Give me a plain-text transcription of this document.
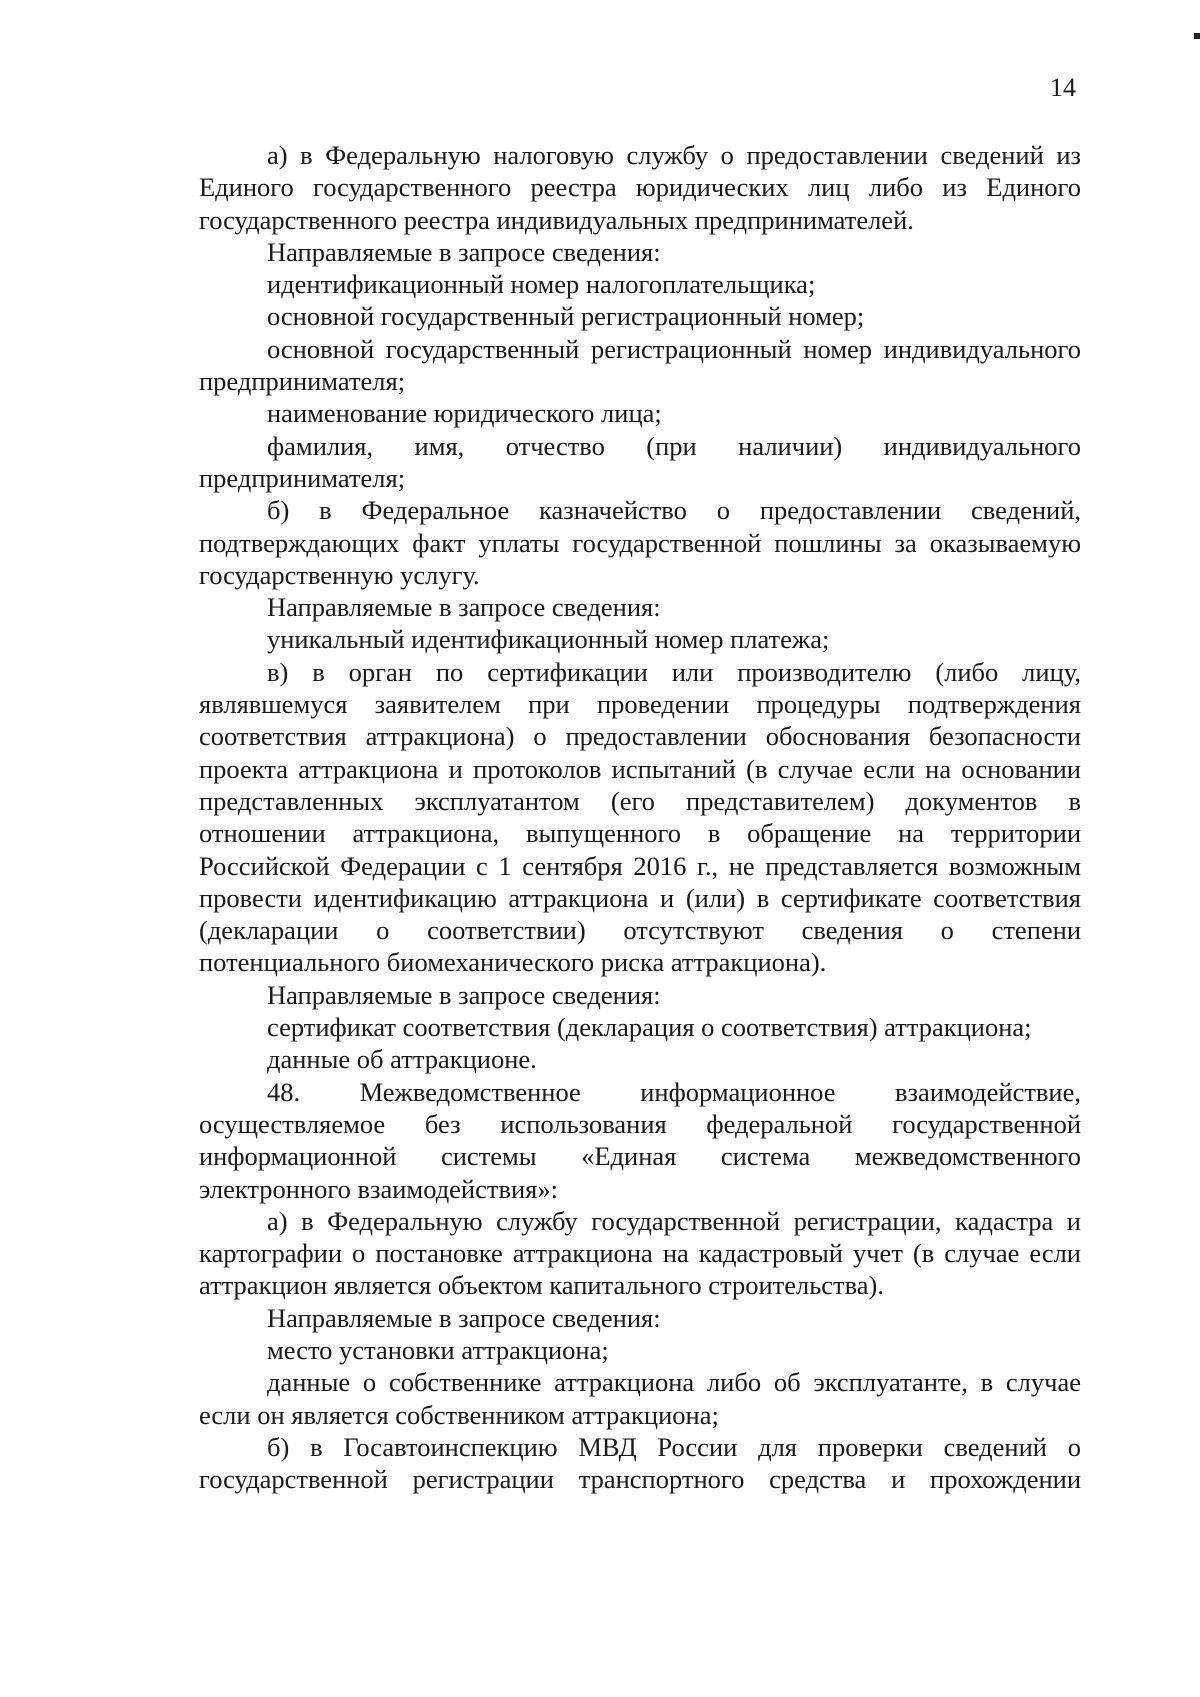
14

а) в Федеральную налоговую службу о предоставлении сведений из Единого государственного реестра юридических лиц либо из Единого государственного реестра индивидуальных предпринимателей.

Направляемые в запросе сведения:

идентификационный номер налогоплательщика;

основной государственный регистрационный номер;

основной государственный регистрационный номер индивидуального предпринимателя;

наименование юридического лица;

фамилия, имя, отчество (при наличии) индивидуального предпринимателя;

б) в Федеральное казначейство о предоставлении сведений, подтверждающих факт уплаты государственной пошлины за оказываемую государственную услугу.

Направляемые в запросе сведения:

уникальный идентификационный номер платежа;

в) в орган по сертификации или производителю (либо лицу, являвшемуся заявителем при проведении процедуры подтверждения соответствия аттракциона) о предоставлении обоснования безопасности проекта аттракциона и протоколов испытаний (в случае если на основании представленных эксплуатантом (его представителем) документов в отношении аттракциона, выпущенного в обращение на территории Российской Федерации с 1 сентября 2016 г., не представляется возможным провести идентификацию аттракциона и (или) в сертификате соответствия (декларации о соответствии) отсутствуют сведения о степени потенциального биомеханического риска аттракциона).

Направляемые в запросе сведения:

сертификат соответствия (декларация о соответствия) аттракциона;

данные об аттракционе.

48. Межведомственное информационное взаимодействие, осуществляемое без использования федеральной государственной информационной системы «Единая система межведомственного электронного взаимодействия»:

а) в Федеральную службу государственной регистрации, кадастра и картографии о постановке аттракциона на кадастровый учет (в случае если аттракцион является объектом капитального строительства).

Направляемые в запросе сведения:

место установки аттракциона;

данные о собственнике аттракциона либо об эксплуатанте, в случае если он является собственником аттракциона;

б) в Госавтоинспекцию МВД России для проверки сведений о государственной регистрации транспортного средства и прохождении
